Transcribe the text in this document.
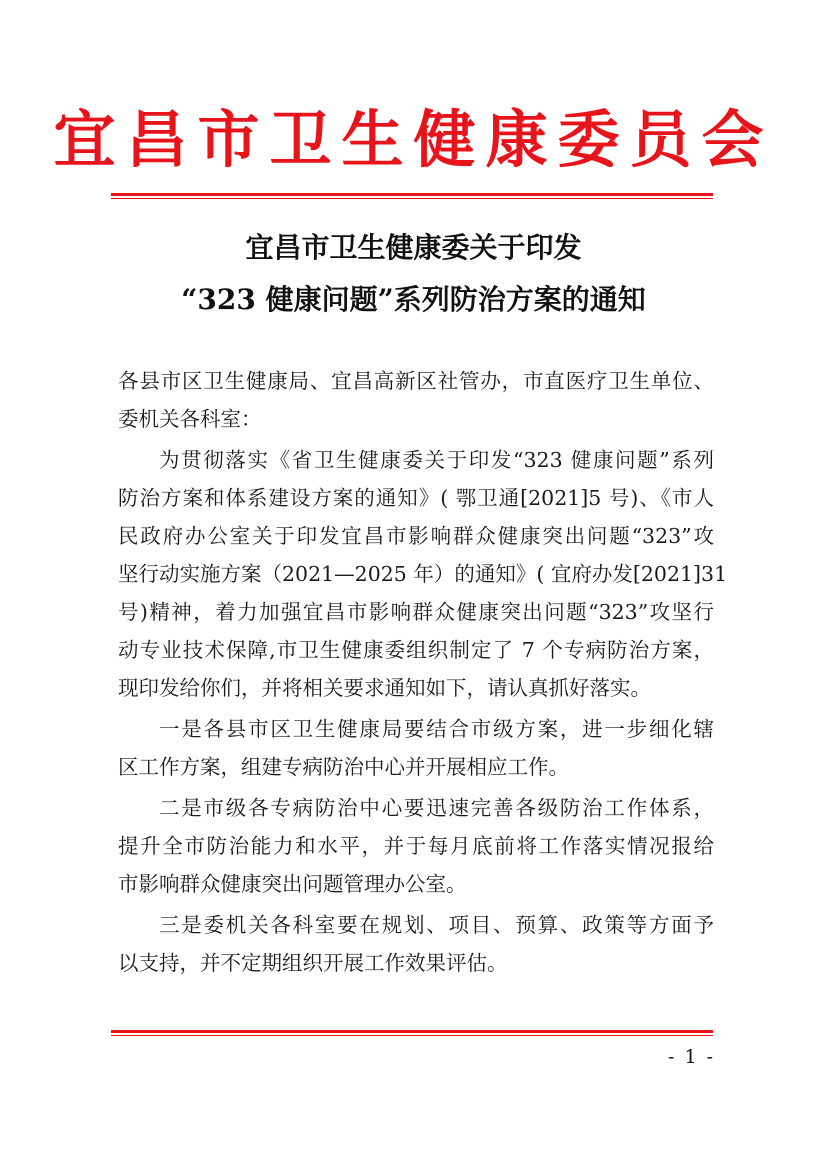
宜昌市卫生健康委员会
宜昌市卫生健康委关于印发
“323 健康问题”系列防治方案的通知
各县市区卫生健康局、宜昌高新区社管办，市直医疗卫生单位、
委机关各科室：
为贯彻落实《省卫生健康委关于印发“323 健康问题”系列
防治方案和体系建设方案的通知》( 鄂卫通[2021]5 号)、《市人
民政府办公室关于印发宜昌市影响群众健康突出问题“323”攻
坚行动实施方案（2021—2025 年）的通知》( 宜府办发[2021]31
号)精神，着力加强宜昌市影响群众健康突出问题“323”攻坚行
动专业技术保障,市卫生健康委组织制定了 7 个专病防治方案，
现印发给你们，并将相关要求通知如下，请认真抓好落实。
一是各县市区卫生健康局要结合市级方案，进一步细化辖
区工作方案，组建专病防治中心并开展相应工作。
二是市级各专病防治中心要迅速完善各级防治工作体系，
提升全市防治能力和水平，并于每月底前将工作落实情况报给
市影响群众健康突出问题管理办公室。
三是委机关各科室要在规划、项目、预算、政策等方面予
以支持，并不定期组织开展工作效果评估。
- 1 -
